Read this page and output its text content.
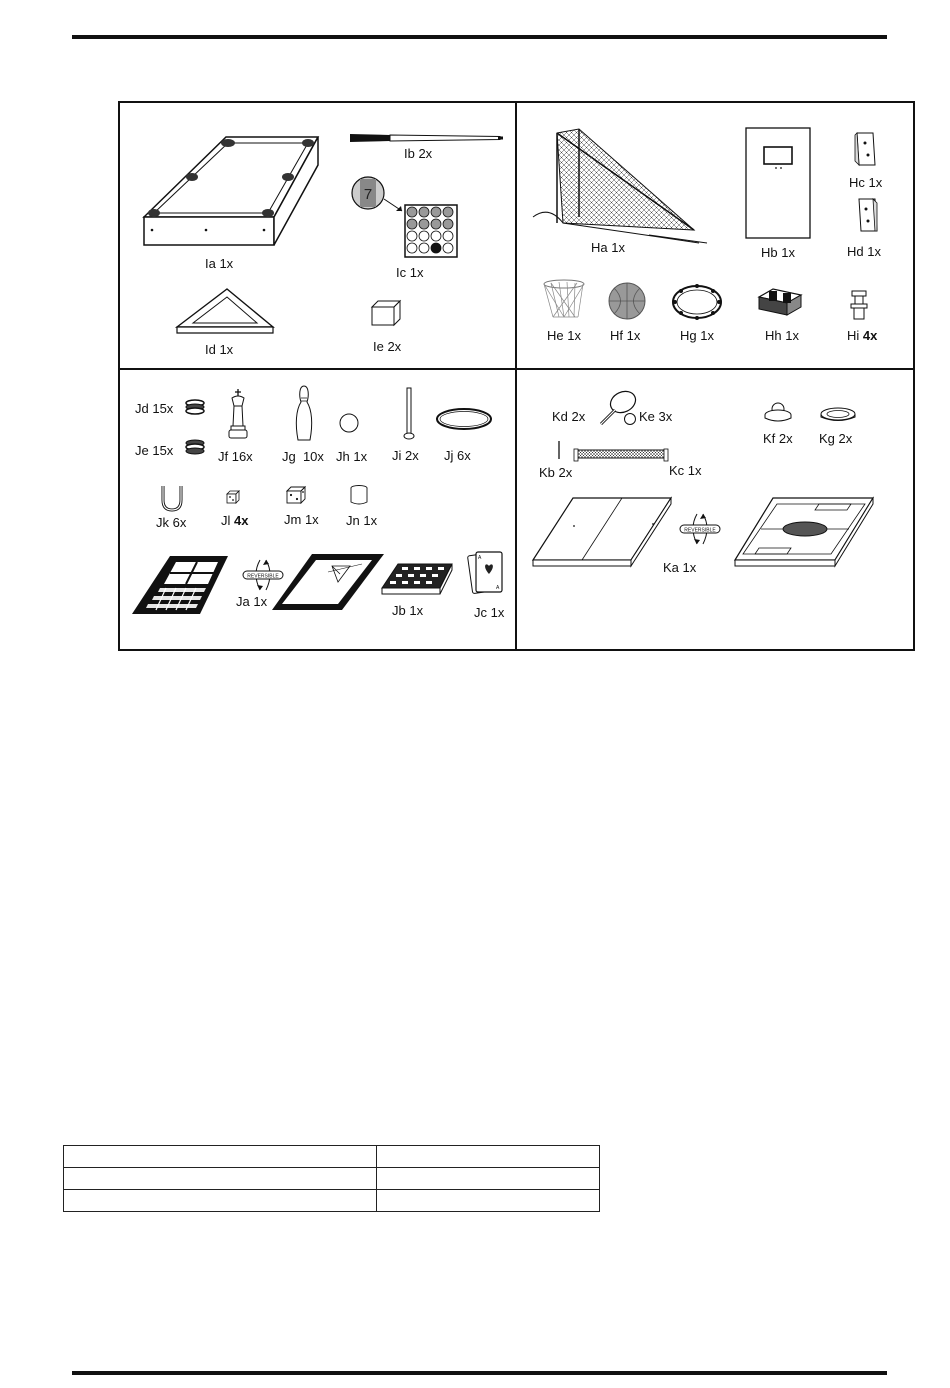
Ia 1x
Ib 2x
7
Ic 1x
Id 1x	Ie 2x
Ha 1x	Hb 1x
Hc 1x
Hd 1x
He 1x Hf 1x	Hg 1x	Hh 1x	Hi 4x
Jd 15x
Je 15x	Jf 16x Jg  10x Jh 1x Ji 2x Jj 6x
Jk 6x	Jl 4x	Jm 1x Jn 1x
REVERSIBLE
Ja 1x
Jb 1x
A
A
Jc 1x
Kd 2x	Ke 3x
Kb 2x	Kc 1x
Kf 2x Kg 2x
REVERSIBLE
Ka 1x
